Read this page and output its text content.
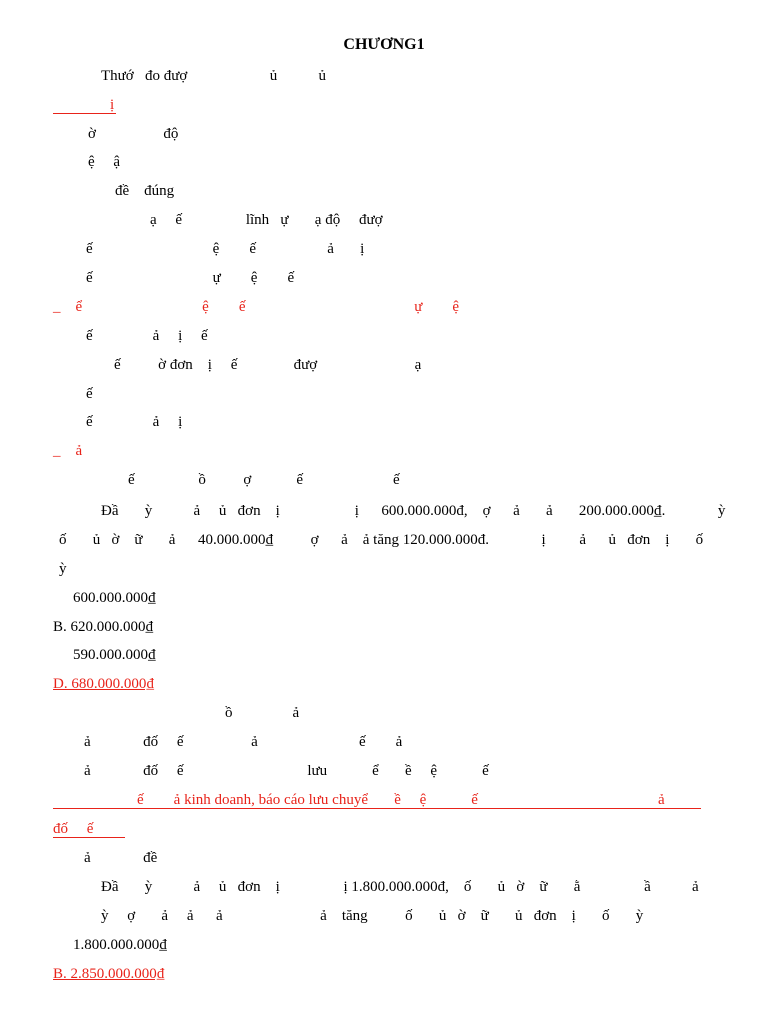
CHƯƠNG1
Thướ   đo đượ                      ủ           ủ
ị
ờ                  độ
ệ     ậ
đề    đúng
ạ     ế                 lĩnh   ự       ạ độ     đượ
ế                                ệ        ế                   ả       ị
ế                                ự        ệ        ế
_    ể                                ệ        ế                                             ự        ệ
ế                ả     ị     ế
ế          ờ đơn    ị     ế               đượ                          ạ
ế
ế                ả     ị
_    ả
ế                 ồ          ợ            ế                        ế
Đầ       ỳ           ả     ủ   đơn    ị                    ị      600.000.000đ,    ợ      ả       ả       200.000.000₫.              ỳ
ố       ủ   ờ    ữ       ả      40.000.000₫          ợ      ả    ả tăng 120.000.000đ.              ị         ả      ủ   đơn    ị       ố
ỳ
600.000.000₫
B. 620.000.000₫
590.000.000₫
D. 680.000.000₫
ồ                ả
ả              đố     ế                  ả                           ế        ả
ả              đố     ế                                 lưu            ể       ề     ệ            ế
ế        ả kinh doanh, báo cáo lưu chuyể       ề     ệ            ế                                                ả
đố     ế
ả              đề
Đầ       ỳ           ả     ủ   đơn    ị                 ị 1.800.000.000đ,    ố       ủ   ờ    ữ       ằ                 ầ           ả
ỳ     ợ       ả     ả      ả                          ả    tăng          ố       ủ   ờ    ữ       ủ   đơn    ị       ố       ỳ
1.800.000.000₫
B. 2.850.000.000₫
